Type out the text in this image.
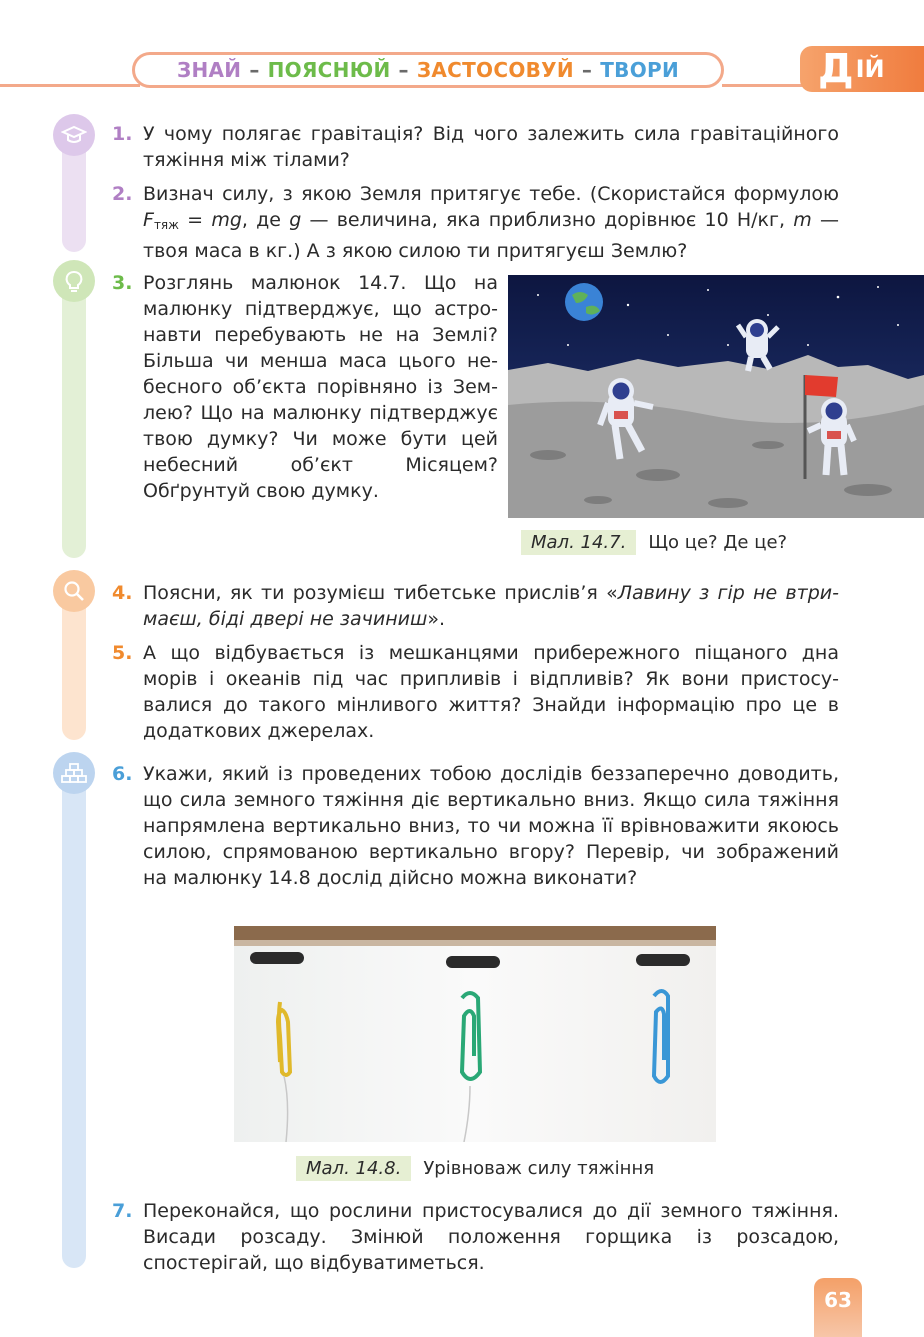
ЗНАЙ – ПОЯСНЮЙ – ЗАСТОСОВУЙ – ТВОРИ	Д ІЙ
1. У чому полягає гравітація? Від чого залежить сила гравітаційного тяжіння між тілами?
2. Визнач силу, з якою Земля притягує тебе. (Скористайся формулою $F_{тяж}$ = mg, де g — величина, яка приблизно дорівнює 10 Н/кг, m — твоя маса в кг.) А з якою силою ти притягуєш Землю?
3. Розглянь малюнок 14.7. Що на малюнку підтверджує, що астронавти перебувають не на Землі? Більша чи менша маса цього небесного об’єкта порівняно із Землею? Що на малюнку підтверджує твою думку? Чи може бути цей небесний об’єкт Місяцем? Обґрунтуй свою думку.
Мал. 14.7.	Що це? Де це?
4. Поясни, як ти розумієш тибетське прислів’я «Лавину з гір не втримаєш, біді двері не зачиниш».
5. А що відбувається із мешканцями прибережного піщаного дна морів і океанів під час припливів і відпливів? Як вони пристосувалися до такого мінливого життя? Знайди інформацію про це в додаткових джерелах.
6. Укажи, який із проведених тобою дослідів беззаперечно доводить, що сила земного тяжіння діє вертикально вниз. Якщо сила тяжіння напрямлена вертикально вниз, то чи можна її врівноважити якоюсь силою, спрямованою вертикально вгору? Перевір, чи зображений на малюнку 14.8 дослід дійсно можна виконати?
Мал. 14.8.	Урівноваж силу тяжіння
7. Переконайся, що рослини пристосувалися до дії земного тяжіння. Висади розсаду. Змінюй положення горщика із розсадою, спостерігай, що відбуватиметься.
63
